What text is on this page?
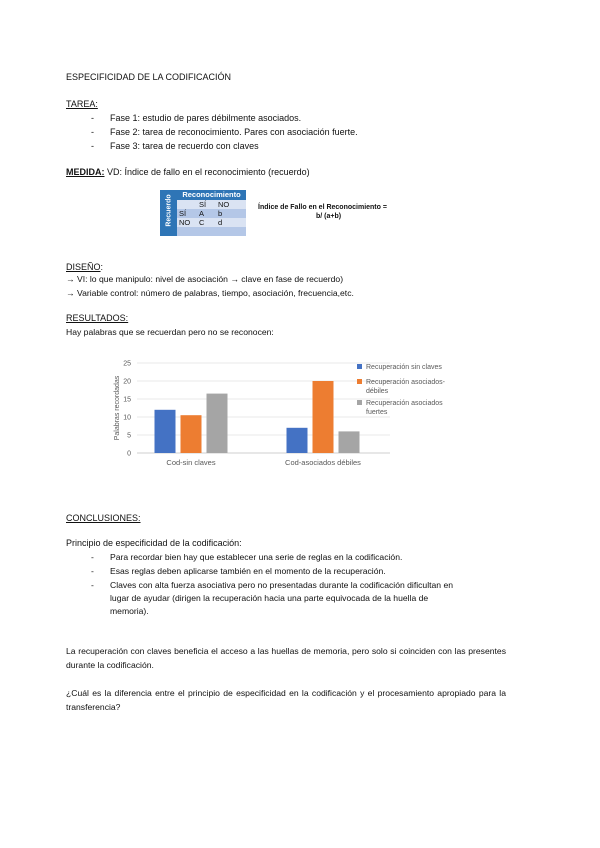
ESPECIFICIDAD DE LA CODIFICACIÓN
TAREA:
- Fase 1: estudio de pares débilmente asociados.
- Fase 2: tarea de reconocimiento. Pares con asociación fuerte.
- Fase 3: tarea de recuerdo con claves
MEDIDA: VD: Índice de fallo en el reconocimiento (recuerdo)
Recuerdo	Reconocimiento
SÍ NO
SÍ A b
NO C d
Índice de Fallo en el Reconocimiento =
b/ (a+b)
DISEÑO:
→ VI: lo que manipulo: nivel de asociación → clave en fase de recuerdo)
→ Variable control: número de palabras, tiempo, asociación, frecuencia,etc.
RESULTADOS:
Hay palabras que se recuerdan pero no se reconocen:
0
5
10
15
20
25
Palabras recordadas
Cod-sin claves	Cod-asociados débiles
Recuperación sin claves
Recuperación asociados-
débiles
Recuperación asociados
fuertes
CONCLUSIONES:
Principio de especificidad de la codificación:
- Para recordar bien hay que establecer una serie de reglas en la codificación.
- Esas reglas deben aplicarse también en el momento de la recuperación.
- Claves con alta fuerza asociativa pero no presentadas durante la codificación dificultan en
lugar de ayudar (dirigen la recuperación hacia una parte equivocada de la huella de
memoria).
La recuperación con claves beneficia el acceso a las huellas de memoria, pero solo si coinciden con las presentes durante la codificación.
¿Cuál es la diferencia entre el principio de especificidad en la codificación y el procesamiento apropiado para la transferencia?
